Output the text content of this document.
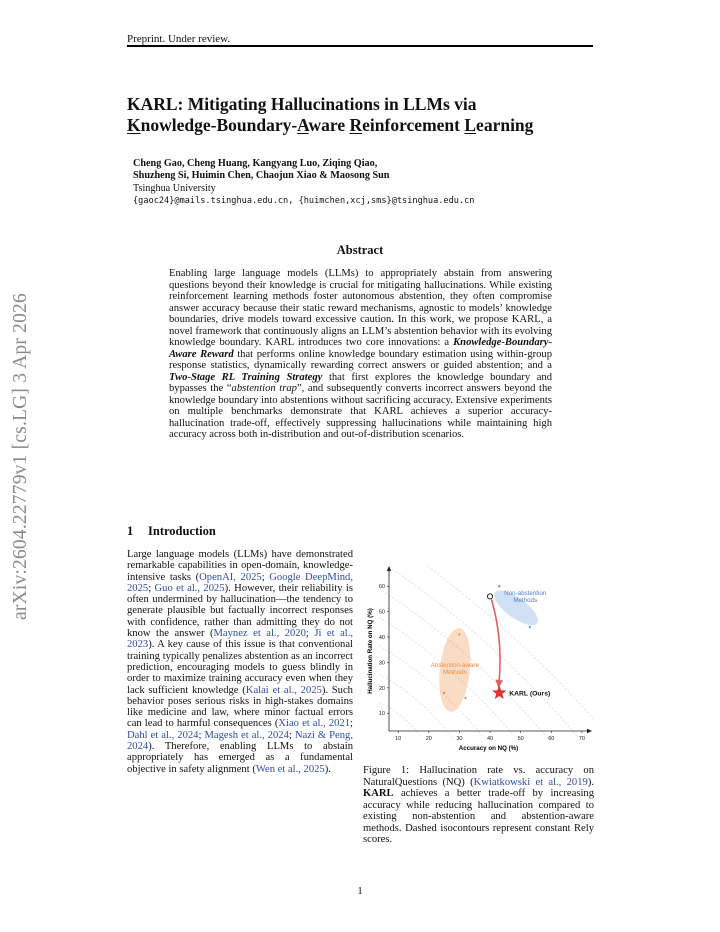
Preprint. Under review.
arXiv:2604.22779v1 [cs.LG] 3 Apr 2026
KARL: Mitigating Hallucinations in LLMs via
Knowledge-Boundary-Aware Reinforcement Learning
Cheng Gao, Cheng Huang, Kangyang Luo, Ziqing Qiao,
Shuzheng Si, Huimin Chen, Chaojun Xiao & Maosong Sun
Tsinghua University
{gaoc24}@mails.tsinghua.edu.cn, {huimchen,xcj,sms}@tsinghua.edu.cn
Abstract

Enabling large language models (LLMs) to appropriately abstain from answering questions beyond their knowledge is crucial for mitigating hallucinations. While existing reinforcement learning methods foster autonomous abstention, they often compromise answer accuracy because their static reward mechanisms, agnostic to models’ knowledge boundaries, drive models toward excessive caution. In this work, we propose KARL, a novel framework that continuously aligns an LLM’s abstention behavior with its evolving knowledge boundary. KARL introduces two core innovations: a Knowledge-Boundary-Aware Reward that performs online knowledge boundary estimation using within-group response statistics, dynamically rewarding correct answers or guided abstention; and a Two-Stage RL Training Strategy that first explores the knowledge boundary and bypasses the “abstention trap”, and subsequently converts incorrect answers beyond the knowledge boundary into abstentions without sacrificing accuracy. Extensive experiments on multiple benchmarks demonstrate that KARL achieves a superior accuracy-hallucination trade-off, effectively suppressing hallucinations while maintaining high accuracy across both in-distribution and out-of-distribution scenarios.

1 Introduction

Large language models (LLMs) have demonstrated remarkable capabilities in open-domain, knowledge-intensive tasks (OpenAI, 2025; Google DeepMind, 2025; Guo et al., 2025). However, their reliability is often undermined by hallucination—the tendency to generate plausible but factually incorrect responses with confidence, rather than admitting they do not know the answer (Maynez et al., 2020; Ji et al., 2023). A key cause of this issue is that conventional training typically penalizes abstention as an incorrect prediction, encouraging models to guess blindly in order to maximize training accuracy even when they lack sufficient knowledge (Kalai et al., 2025). Such behavior poses serious risks in high-stakes domains like medicine and law, where minor factual errors can lead to harmful consequences (Xiao et al., 2021; Dahl et al., 2024; Magesh et al., 2024; Nazi & Peng, 2024). Therefore, enabling LLMs to abstain appropriately has emerged as a fundamental objective in safety alignment (Wen et al., 2025).

10	20	30	40	50	60	70
10
20
30
40
50
60
Non-abstention
Methods
Abstention-aware
Methods
KARL (Ours)
Accuracy on NQ (%)
Hallucination Rate on NQ (%)

Figure 1: Hallucination rate vs. accuracy on NaturalQuestions (NQ) (Kwiatkowski et al., 2019). KARL achieves a better trade-off by increasing accuracy while reducing hallucination compared to existing non-abstention and abstention-aware methods. Dashed isocontours represent constant Rely scores.

1
